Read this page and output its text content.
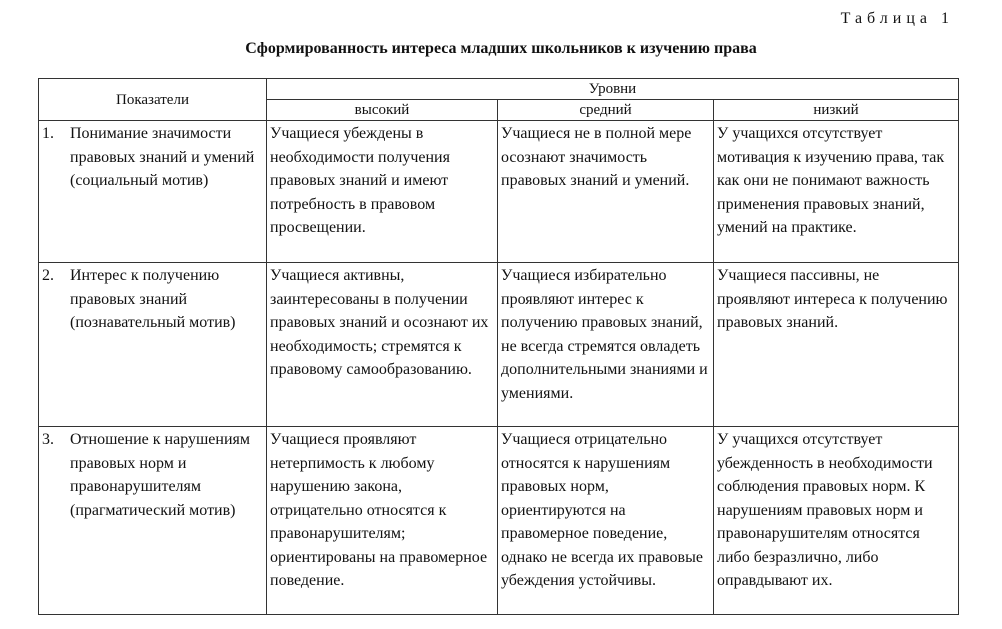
Таблица 1
Сформированность интереса младших школьников к изучению права
Показатели	Уровни		
	высокий	средний	низкий
1. Понимание значимости правовых знаний и умений (социальный мотив)	Учащиеся убеждены в необходимости получения правовых знаний и имеют потребность в правовом просвещении.	Учащиеся не в полной мере осознают значимость правовых знаний и умений.	У учащихся отсутствует мотивация к изучению права, так как они не понимают важность применения правовых знаний, умений на практике.
2. Интерес к получению правовых знаний (познавательный мотив)	Учащиеся активны, заинтересованы в получении правовых знаний и осознают их необходимость; стремятся к правовому самообразованию.	Учащиеся избирательно проявляют интерес к получению правовых знаний, не всегда стремятся овладеть дополнительными знаниями и умениями.	Учащиеся пассивны, не проявляют интереса к получению правовых знаний.
3. Отношение к нарушениям правовых норм и правонарушителям (прагматический мотив)	Учащиеся проявляют нетерпимость к любому нарушению закона, отрицательно относятся к правонарушителям; ориентированы на правомерное поведение.	Учащиеся отрицательно относятся к нарушениям правовых норм, ориентируются на правомерное поведение, однако не всегда их правовые убеждения устойчивы.	У учащихся отсутствует убежденность в необходимости соблюдения правовых норм. К нарушениям правовых норм и правонарушителям относятся либо безразлично, либо оправдывают их.
